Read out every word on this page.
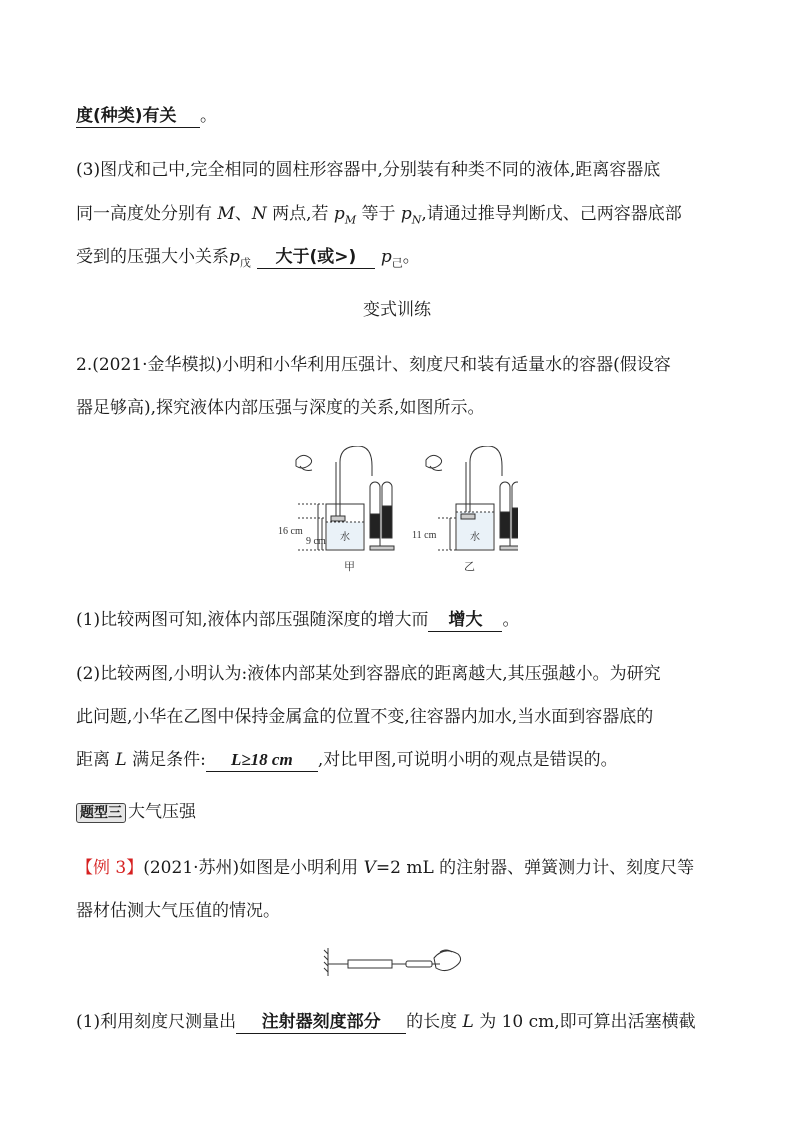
度(种类)有关 。
(3)图戊和己中,完全相同的圆柱形容器中,分别装有种类不同的液体,距离容器底
同一高度处分别有 M、N 两点,若 $p_M$ 等于 $p_N$,请通过推导判断戊、己两容器底部
受到的压强大小关系$p_戊$ 大于(或>) $p_己$。
变式训练
2.(2021·金华模拟)小明和小华利用压强计、刻度尺和装有适量水的容器(假设容
器足够高),探究液体内部压强与深度的关系,如图所示。
16 cm
9 cm 水
甲
11 cm	水
乙
(1)比较两图可知,液体内部压强随深度的增大而 增大 。
(2)比较两图,小明认为:液体内部某处到容器底的距离越大,其压强越小。为研究
此问题,小华在乙图中保持金属盒的位置不变,往容器内加水,当水面到容器底的
距离 L 满足条件: L≥18 cm ,对比甲图,可说明小明的观点是错误的。
题型三 大气压强
【例 3】(2021·苏州)如图是小明利用 V=2 mL 的注射器、弹簧测力计、刻度尺等
器材估测大气压值的情况。
(1)利用刻度尺测量出 注射器刻度部分 的长度 L 为 10 cm,即可算出活塞横截
